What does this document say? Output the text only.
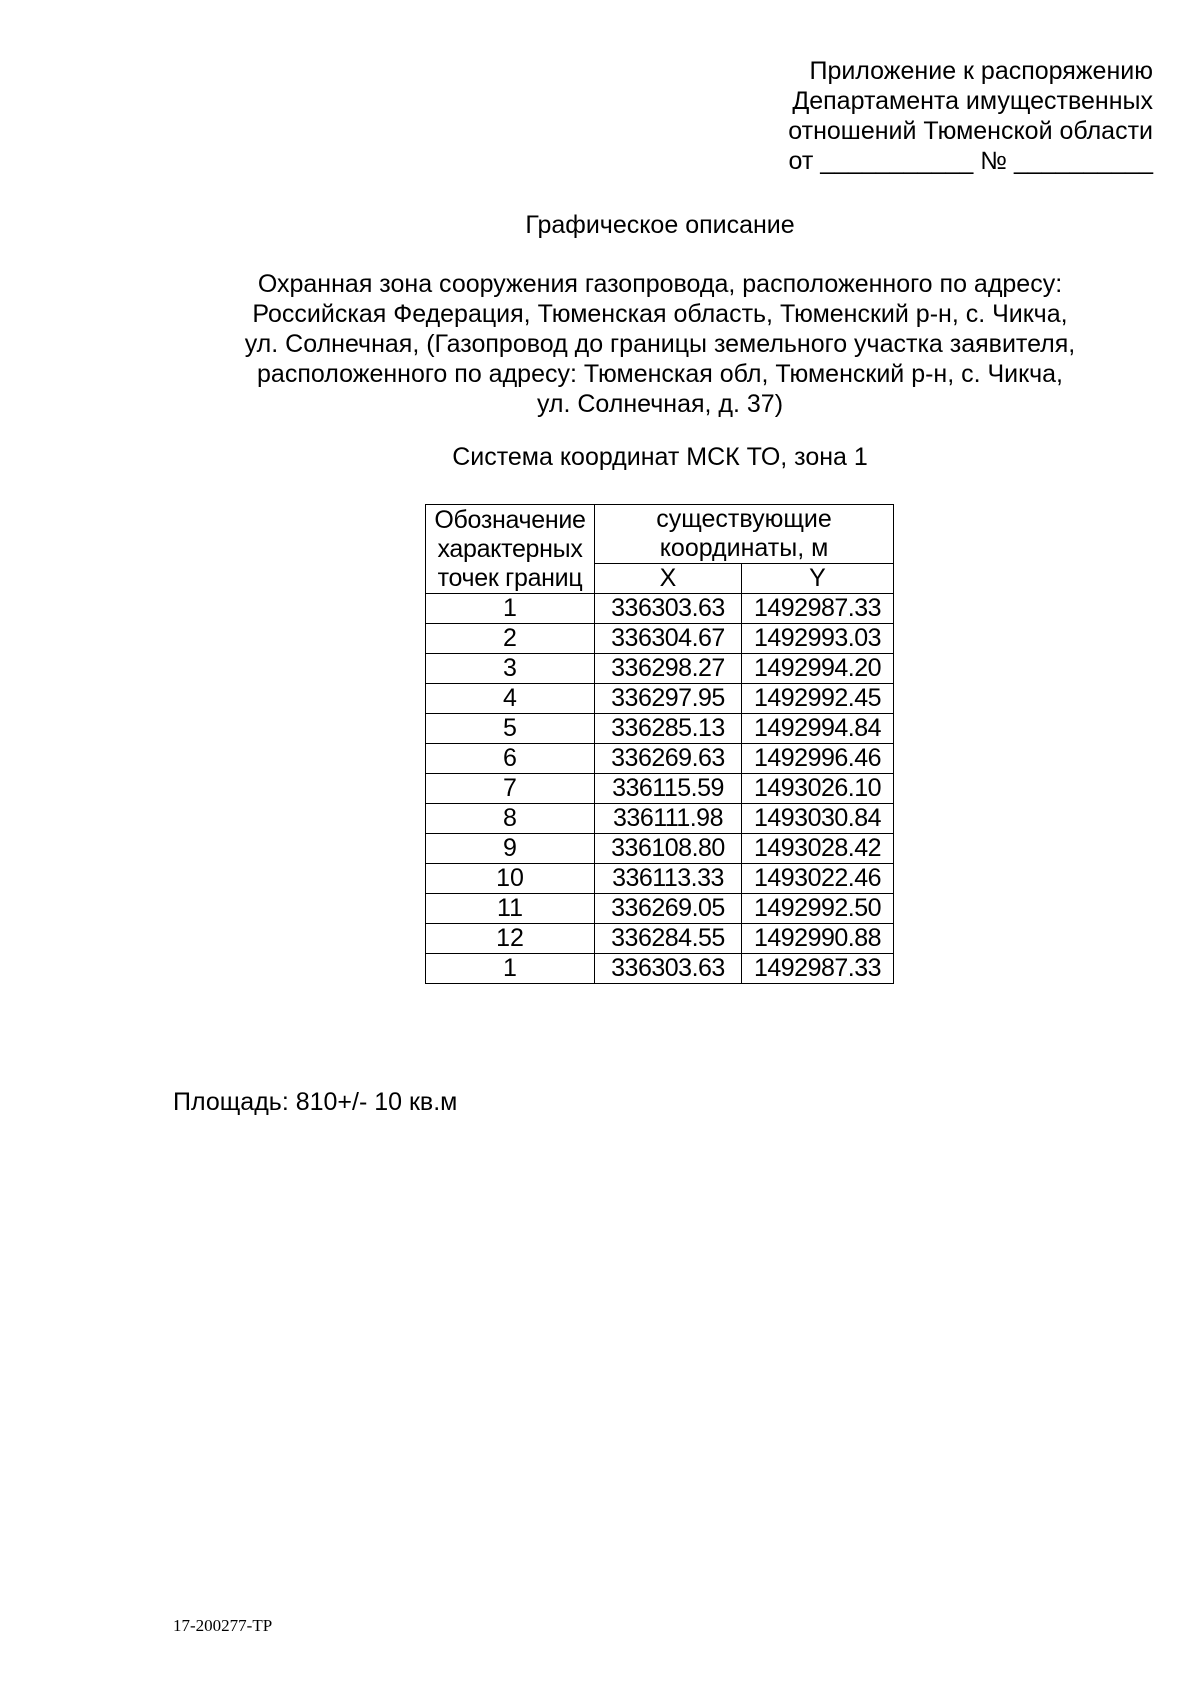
Приложение к распоряжению
Департамента имущественных
отношений Тюменской области
от ___________ № __________
Графическое описание
Охранная зона сооружения газопровода, расположенного по адресу:
Российская Федерация, Тюменская область, Тюменский р-н, с. Чикча,
ул. Солнечная, (Газопровод до границы земельного участка заявителя,
расположенного по адресу: Тюменская обл, Тюменский р-н, с. Чикча,
ул. Солнечная, д. 37)
Система координат МСК ТО, зона 1
Обозначение
характерных
точек границ	существующие
координаты, м	

	X	Y
1	336303.63	1492987.33
2	336304.67	1492993.03
3	336298.27	1492994.20
4	336297.95	1492992.45
5	336285.13	1492994.84
6	336269.63	1492996.46
7	336115.59	1493026.10
8	336111.98	1493030.84
9	336108.80	1493028.42
10	336113.33	1493022.46
11	336269.05	1492992.50
12	336284.55	1492990.88
1	336303.63	1492987.33
Площадь: 810+/- 10 кв.м
17-200277-ТР
